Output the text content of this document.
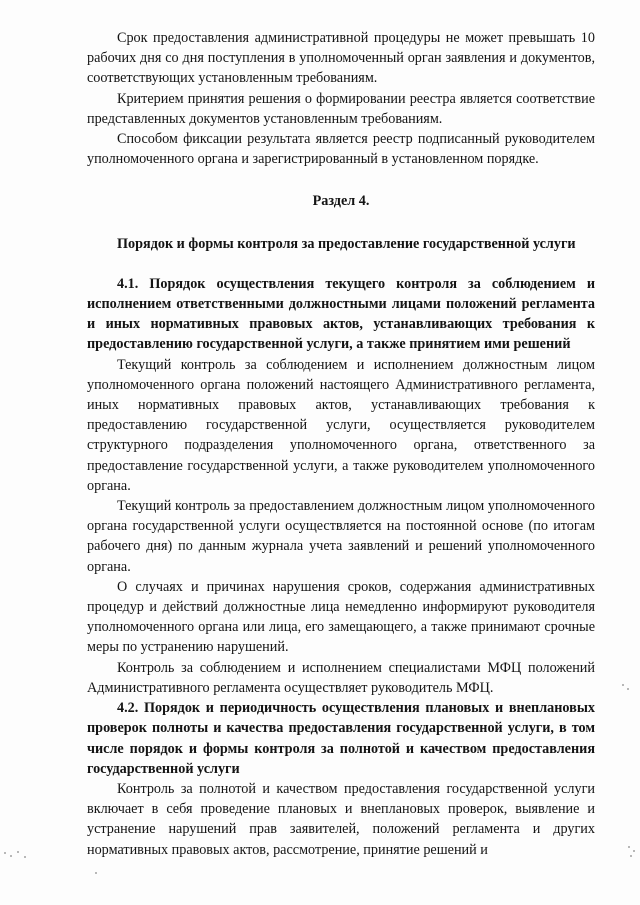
Срок предоставления административной процедуры не может превышать 10 рабочих дня со дня поступления в уполномоченный орган заявления и документов, соответствующих установленным требованиям.

Критерием принятия решения о формировании реестра является соответствие представленных документов установленным требованиям.

Способом фиксации результата является реестр подписанный руководителем уполномоченного органа и зарегистрированный в установленном порядке.

Раздел 4.

Порядок и формы контроля за предоставление государственной услуги

4.1. Порядок осуществления текущего контроля за соблюдением и исполнением ответственными должностными лицами положений регламента и иных нормативных правовых актов, устанавливающих требования к предоставлению государственной услуги, а также принятием ими решений

Текущий контроль за соблюдением и исполнением должностным лицом уполномоченного органа положений настоящего Административного регламента, иных нормативных правовых актов, устанавливающих требования к предоставлению государственной услуги, осуществляется руководителем структурного подразделения уполномоченного органа, ответственного за предоставление государственной услуги, а также руководителем уполномоченного органа.

Текущий контроль за предоставлением должностным лицом уполномоченного органа государственной услуги осуществляется на постоянной основе (по итогам рабочего дня) по данным журнала учета заявлений и решений уполномоченного органа.

О случаях и причинах нарушения сроков, содержания административных процедур и действий должностные лица немедленно информируют руководителя уполномоченного органа или лица, его замещающего, а также принимают срочные меры по устранению нарушений.

Контроль за соблюдением и исполнением специалистами МФЦ положений Административного регламента осуществляет руководитель МФЦ.

4.2. Порядок и периодичность осуществления плановых и внеплановых проверок полноты и качества предоставления государственной услуги, в том числе порядок и формы контроля за полнотой и качеством предоставления государственной услуги

Контроль за полнотой и качеством предоставления государственной услуги включает в себя проведение плановых и внеплановых проверок, выявление и устранение нарушений прав заявителей, положений регламента и других нормативных правовых актов, рассмотрение, принятие решений и
